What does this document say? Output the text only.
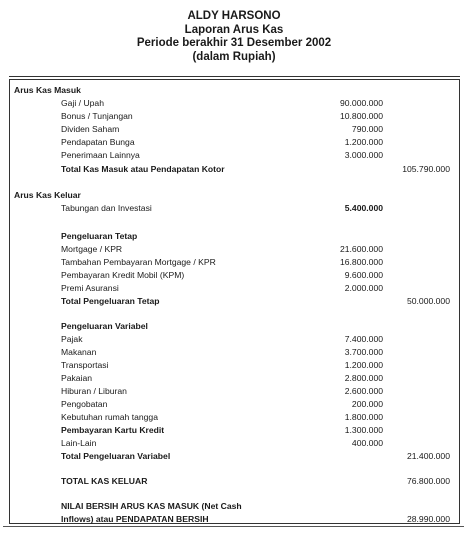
ALDY HARSONO
Laporan Arus Kas
Periode berakhir 31 Desember 2002
(dalam Rupiah)
Arus Kas Masuk
Gaji / Upah	90.000.000
Bonus / Tunjangan	10.800.000
Dividen Saham	790.000
Pendapatan Bunga	1.200.000
Penerimaan Lainnya	3.000.000
Total Kas Masuk atau Pendapatan Kotor	105.790.000
Arus Kas Keluar
Tabungan dan Investasi	5.400.000
Pengeluaran Tetap
Mortgage / KPR	21.600.000
Tambahan Pembayaran Mortgage / KPR	16.800.000
Pembayaran Kredit Mobil (KPM)	9.600.000
Premi Asuransi	2.000.000
Total Pengeluaran Tetap	50.000.000
Pengeluaran Variabel
Pajak	7.400.000
Makanan	3.700.000
Transportasi	1.200.000
Pakaian	2.800.000
Hiburan / Liburan	2.600.000
Pengobatan	200.000
Kebutuhan rumah tangga	1.800.000
Pembayaran Kartu Kredit	1.300.000
Lain-Lain	400.000
Total Pengeluaran Variabel	21.400.000
TOTAL KAS KELUAR	76.800.000
NILAI BERSIH ARUS KAS MASUK (Net Cash
Inflows) atau PENDAPATAN BERSIH	28.990.000
